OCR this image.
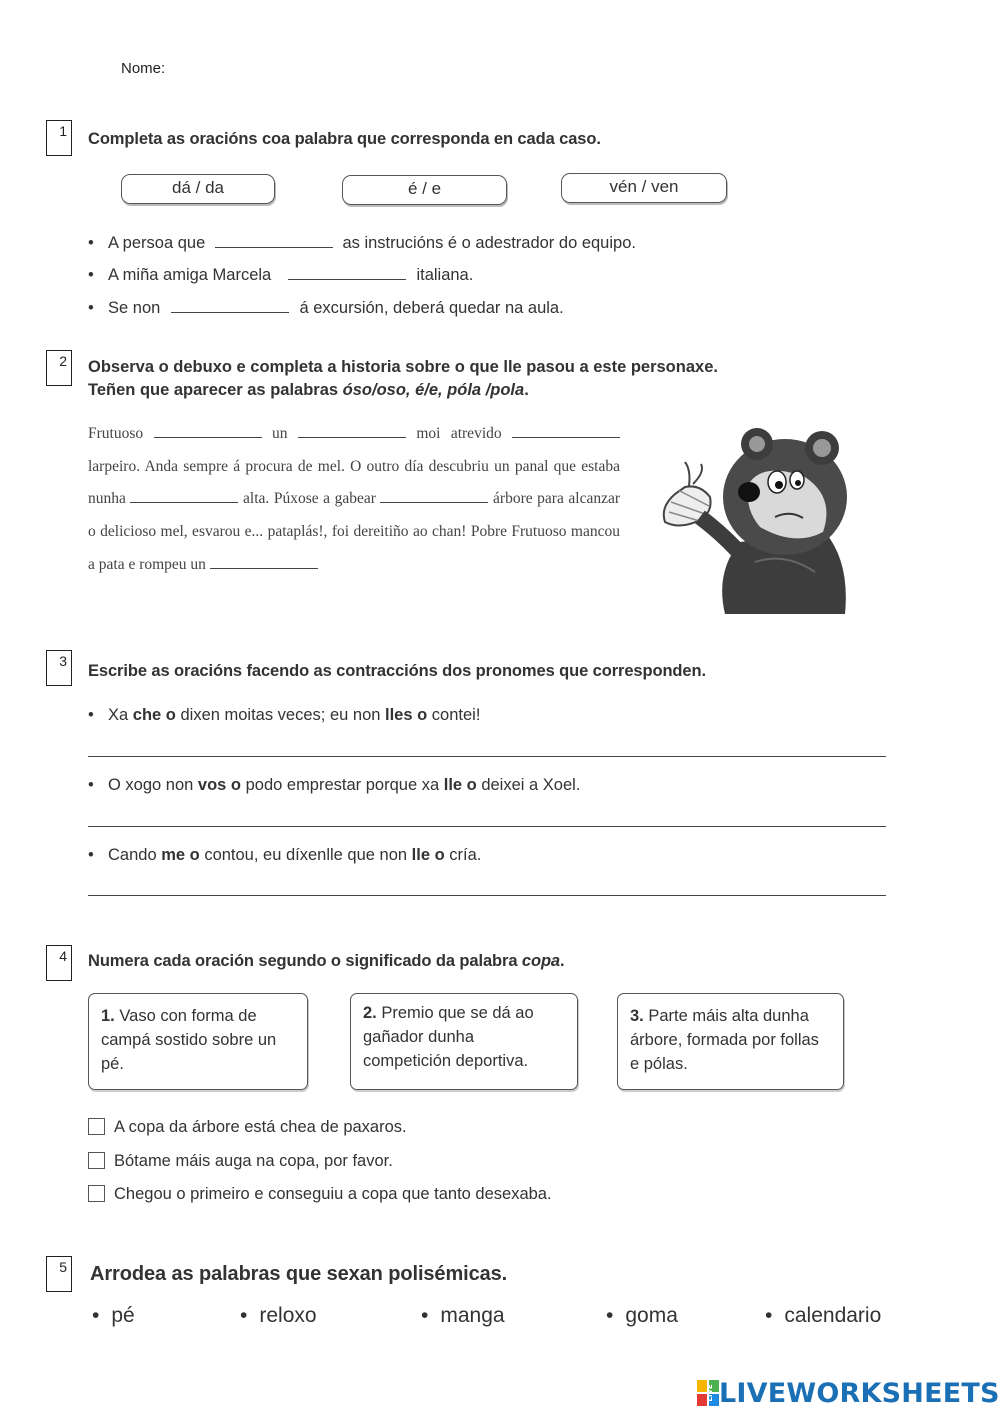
Nome:
1	Completa as oracións coa palabra que corresponda en cada caso.
dá / da	é / e	vén / ven
• A persoa que	as instrucións é o adestrador do equipo.
• A miña amiga Marcela	italiana.
• Se non	á excursión, deberá quedar na aula.
2	Observa o debuxo e completa a historia sobre o que lle pasou a este personaxe.
Teñen que aparecer as palabras óso/oso, é/e, póla /pola.
Frutuoso	un	moi atrevido  larpeiro. Anda sempre á procura de mel. O outro día descubriu un panal que estaba nunha	alta. Púxose a gabear	árbore para alcanzar o delicioso mel, esvarou e... pataplás!, foi dereitiño ao chan! Pobre Frutuoso mancou a pata e rompeu un
3
Escribe as oracións facendo as contraccións dos pronomes que corresponden.
• Xa che o dixen moitas veces; eu non lles o contei!
• O xogo non vos o podo emprestar porque xa lle o deixei a Xoel.
• Cando me o contou, eu díxenlle que non lle o cría.
4	Numera cada oración segundo o significado da palabra copa.
1. Vaso con forma de campá sostido sobre un pé.
2. Premio que se dá ao gañador dunha competición deportiva.
3. Parte máis alta dunha árbore, formada por follas e pólas.
A copa da árbore está chea de paxaros.
Bótame máis auga na copa, por favor.
Chegou o primeiro e conseguiu a copa que tanto desexaba.
5 Arrodea as palabras que sexan polisémicas.
• pé	• reloxo	• manga	• goma	• calendario
LIVE LIVEWORKSHEETS
